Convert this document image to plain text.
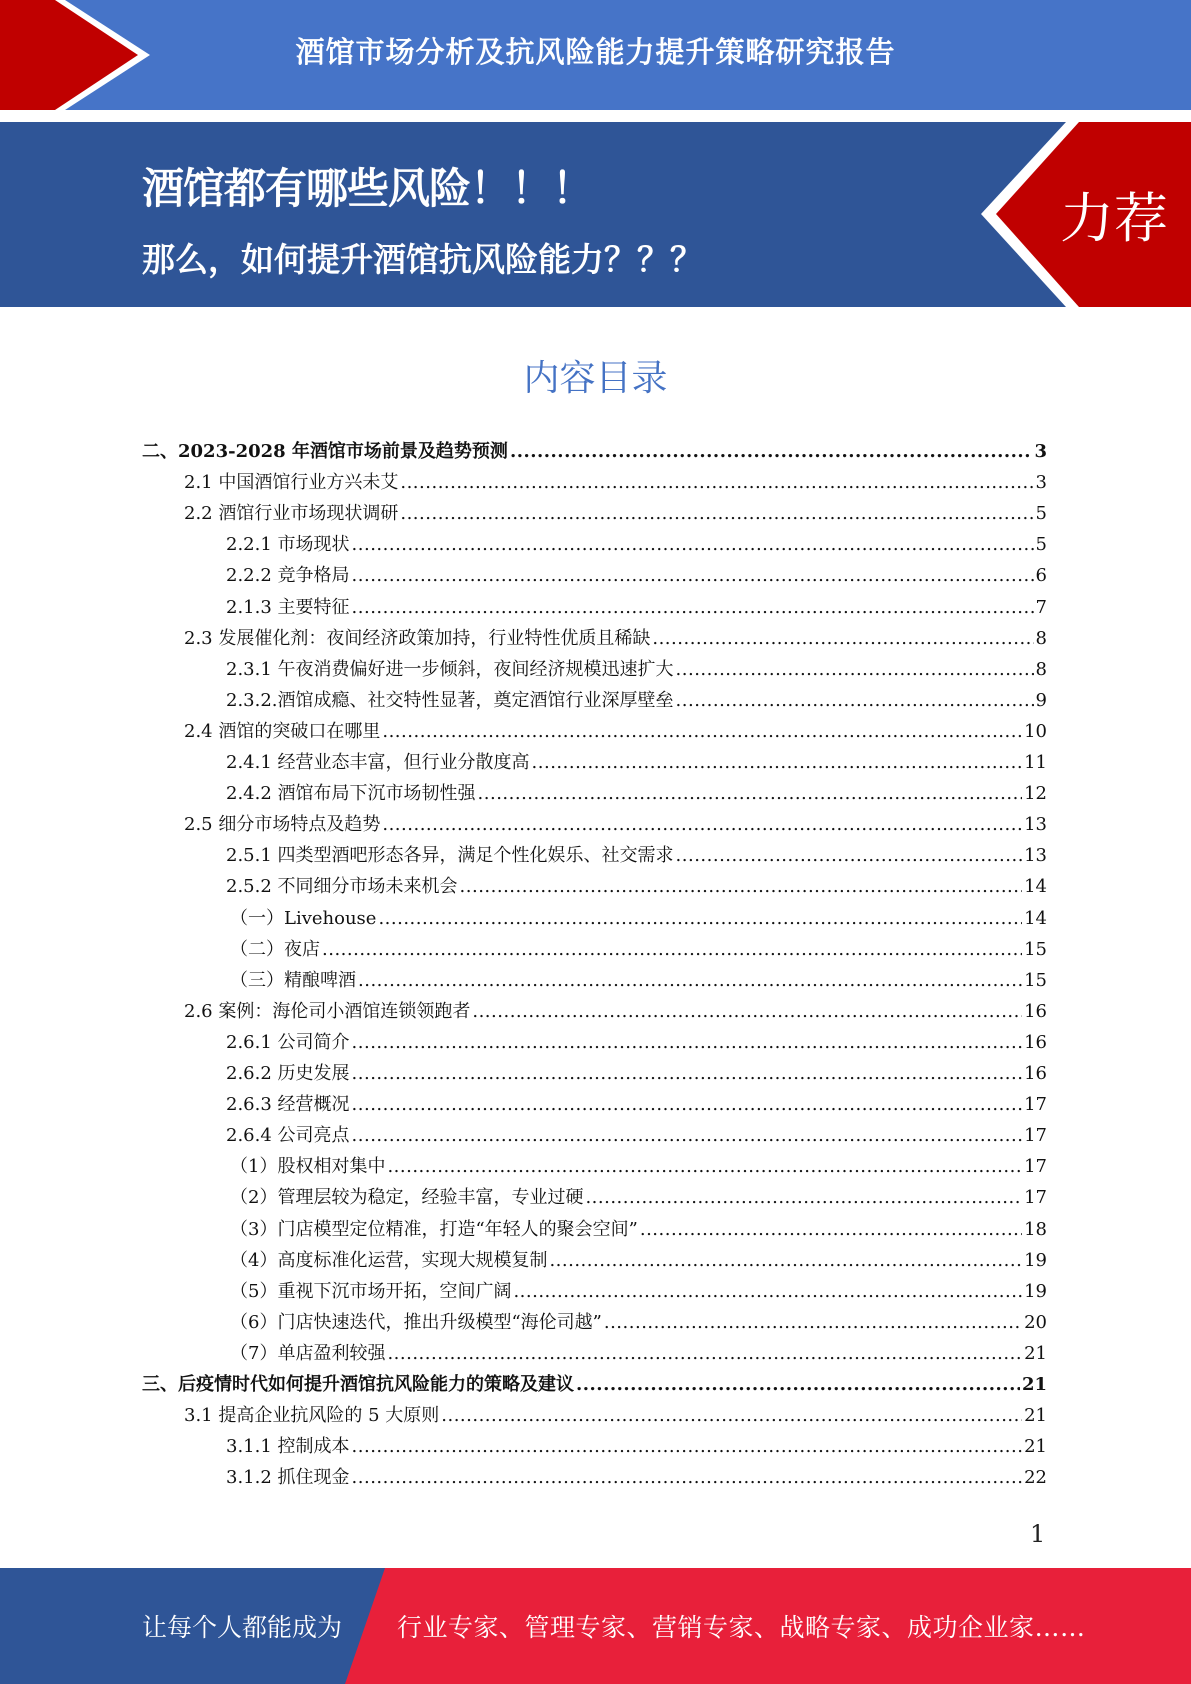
酒馆市场分析及抗风险能力提升策略研究报告
酒馆都有哪些风险！！！
那么，如何提升酒馆抗风险能力？？？
力荐
内容目录
二、2023-2028 年酒馆市场前景及趋势预测 .....	3
2.1 中国酒馆行业方兴未艾 .....	3
2.2 酒馆行业市场现状调研 .....	5
2.2.1 市场现状 .....	5
2.2.2 竞争格局 .....	6
2.1.3 主要特征 .....	7
2.3 发展催化剂：夜间经济政策加持，行业特性优质且稀缺 .....	8
2.3.1 午夜消费偏好进一步倾斜，夜间经济规模迅速扩大 .....	8
2.3.2.酒馆成瘾、社交特性显著，奠定酒馆行业深厚壁垒 .....	9
2.4 酒馆的突破口在哪里 .....	10
2.4.1 经营业态丰富，但行业分散度高 .....	11
2.4.2 酒馆布局下沉市场韧性强 .....	12
2.5 细分市场特点及趋势 .....	13
2.5.1 四类型酒吧形态各异，满足个性化娱乐、社交需求 .....	13
2.5.2 不同细分市场未来机会 .....	14
（一）Livehouse .....	14
（二）夜店 .....	15
（三）精酿啤酒 .....	15
2.6 案例：海伦司小酒馆连锁领跑者 .....	16
2.6.1 公司简介 .....	16
2.6.2 历史发展 .....	16
2.6.3 经营概况 .....	17
2.6.4 公司亮点 .....	17
（1）股权相对集中 .....	17
（2）管理层较为稳定，经验丰富，专业过硬 .....	17
（3）门店模型定位精准，打造“年轻人的聚会空间” .....	18
（4）高度标准化运营，实现大规模复制 .....	19
（5）重视下沉市场开拓，空间广阔 .....	19
（6）门店快速迭代，推出升级模型“海伦司越” .....	20
（7）单店盈利较强 .....	21
三、后疫情时代如何提升酒馆抗风险能力的策略及建议 .....	21
3.1 提高企业抗风险的 5 大原则 .....	21
3.1.1 控制成本 .....	21
3.1.2 抓住现金 .....	22
1
让每个人都能成为 行业专家、管理专家、营销专家、战略专家、成功企业家……
